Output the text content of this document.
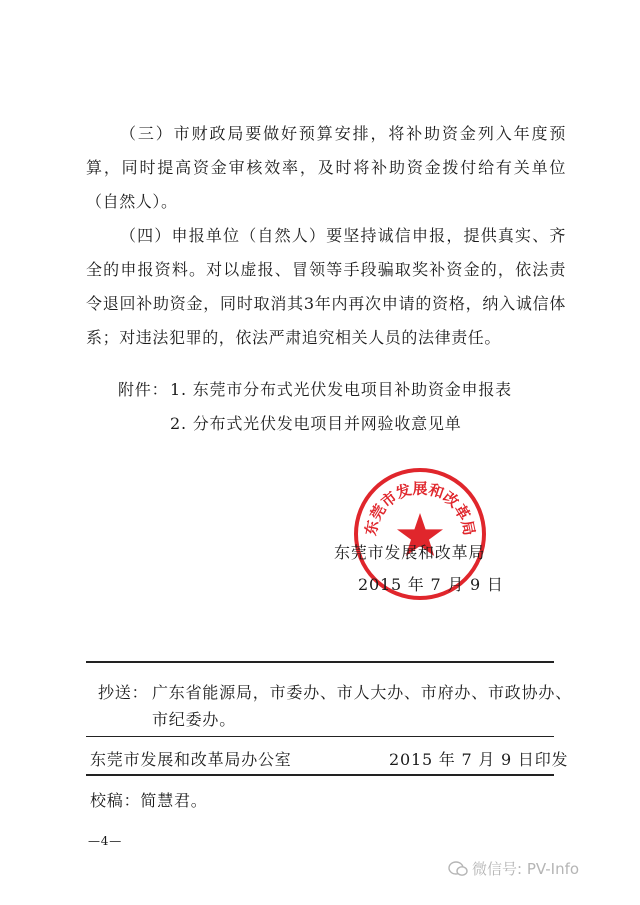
（三）市财政局要做好预算安排，将补助资金列入年度预算，同时提高资金审核效率，及时将补助资金拨付给有关单位（自然人）。
（四）申报单位（自然人）要坚持诚信申报，提供真实、齐全的申报资料。对以虚报、冒领等手段骗取奖补资金的，依法责令退回补助资金，同时取消其3年内再次申请的资格，纳入诚信体系；对违法犯罪的，依法严肃追究相关人员的法律责任。
附件： 1. 东莞市分布式光伏发电项目补助资金申报表
2. 分布式光伏发电项目并网验收意见单
东莞市发展和改革局
东莞市发展和改革局
2015 年 7 月 9 日
抄送： 广东省能源局，市委办、市人大办、市府办、市政协办、
市纪委办。
东莞市发展和改革局办公室	2015 年 7 月 9 日印发
校稿：简慧君。
—4—
微信号: PV-Info
